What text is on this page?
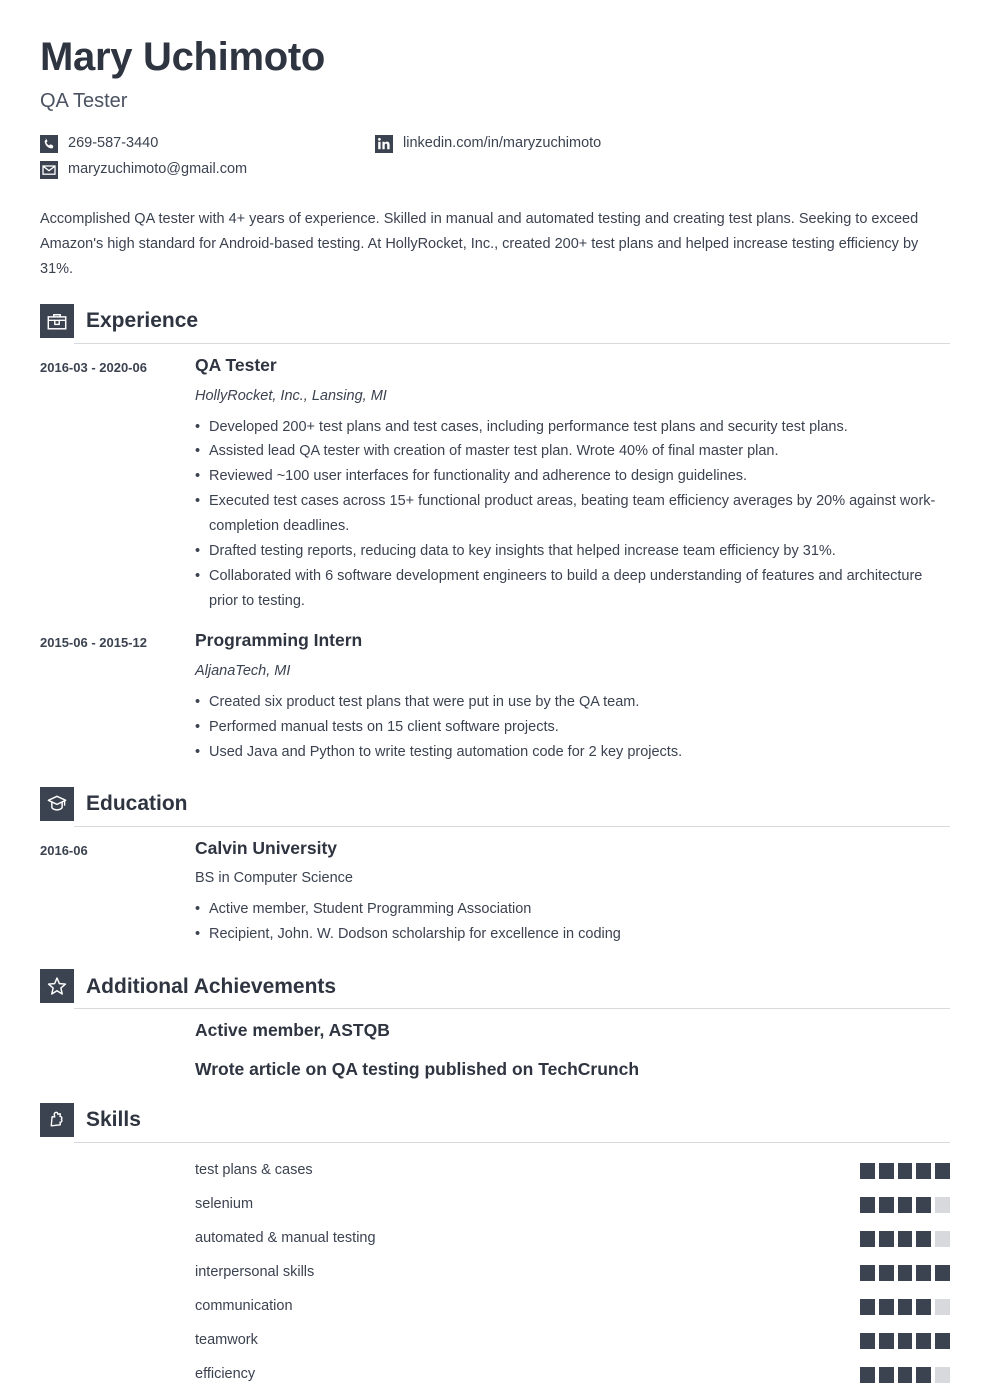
Mary Uchimoto
QA Tester
269-587-3440	linkedin.com/in/maryzuchimoto
maryzuchimoto@gmail.com
Accomplished QA tester with 4+ years of experience. Skilled in manual and automated testing and creating test plans. Seeking to exceed Amazon's high standard for Android-based testing. At HollyRocket, Inc., created 200+ test plans and helped increase testing efficiency by 31%.
Experience
2016-03 - 2020-06	QA Tester
HollyRocket, Inc., Lansing, MI
• Developed 200+ test plans and test cases, including performance test plans and security test plans.
• Assisted lead QA tester with creation of master test plan. Wrote 40% of final master plan.
• Reviewed ~100 user interfaces for functionality and adherence to design guidelines.
• Executed test cases across 15+ functional product areas, beating team efficiency averages by 20% against work-completion deadlines.
• Drafted testing reports, reducing data to key insights that helped increase team efficiency by 31%.
• Collaborated with 6 software development engineers to build a deep understanding of features and architecture prior to testing.
2015-06 - 2015-12	Programming Intern
AljanaTech, MI
• Created six product test plans that were put in use by the QA team.
• Performed manual tests on 15 client software projects.
• Used Java and Python to write testing automation code for 2 key projects.
Education
2016-06	Calvin University
BS in Computer Science
• Active member, Student Programming Association
• Recipient, John. W. Dodson scholarship for excellence in coding
Additional Achievements
Active member, ASTQB
Wrote article on QA testing published on TechCrunch
Skills
test plans & cases
selenium
automated & manual testing
interpersonal skills
communication
teamwork
efficiency
